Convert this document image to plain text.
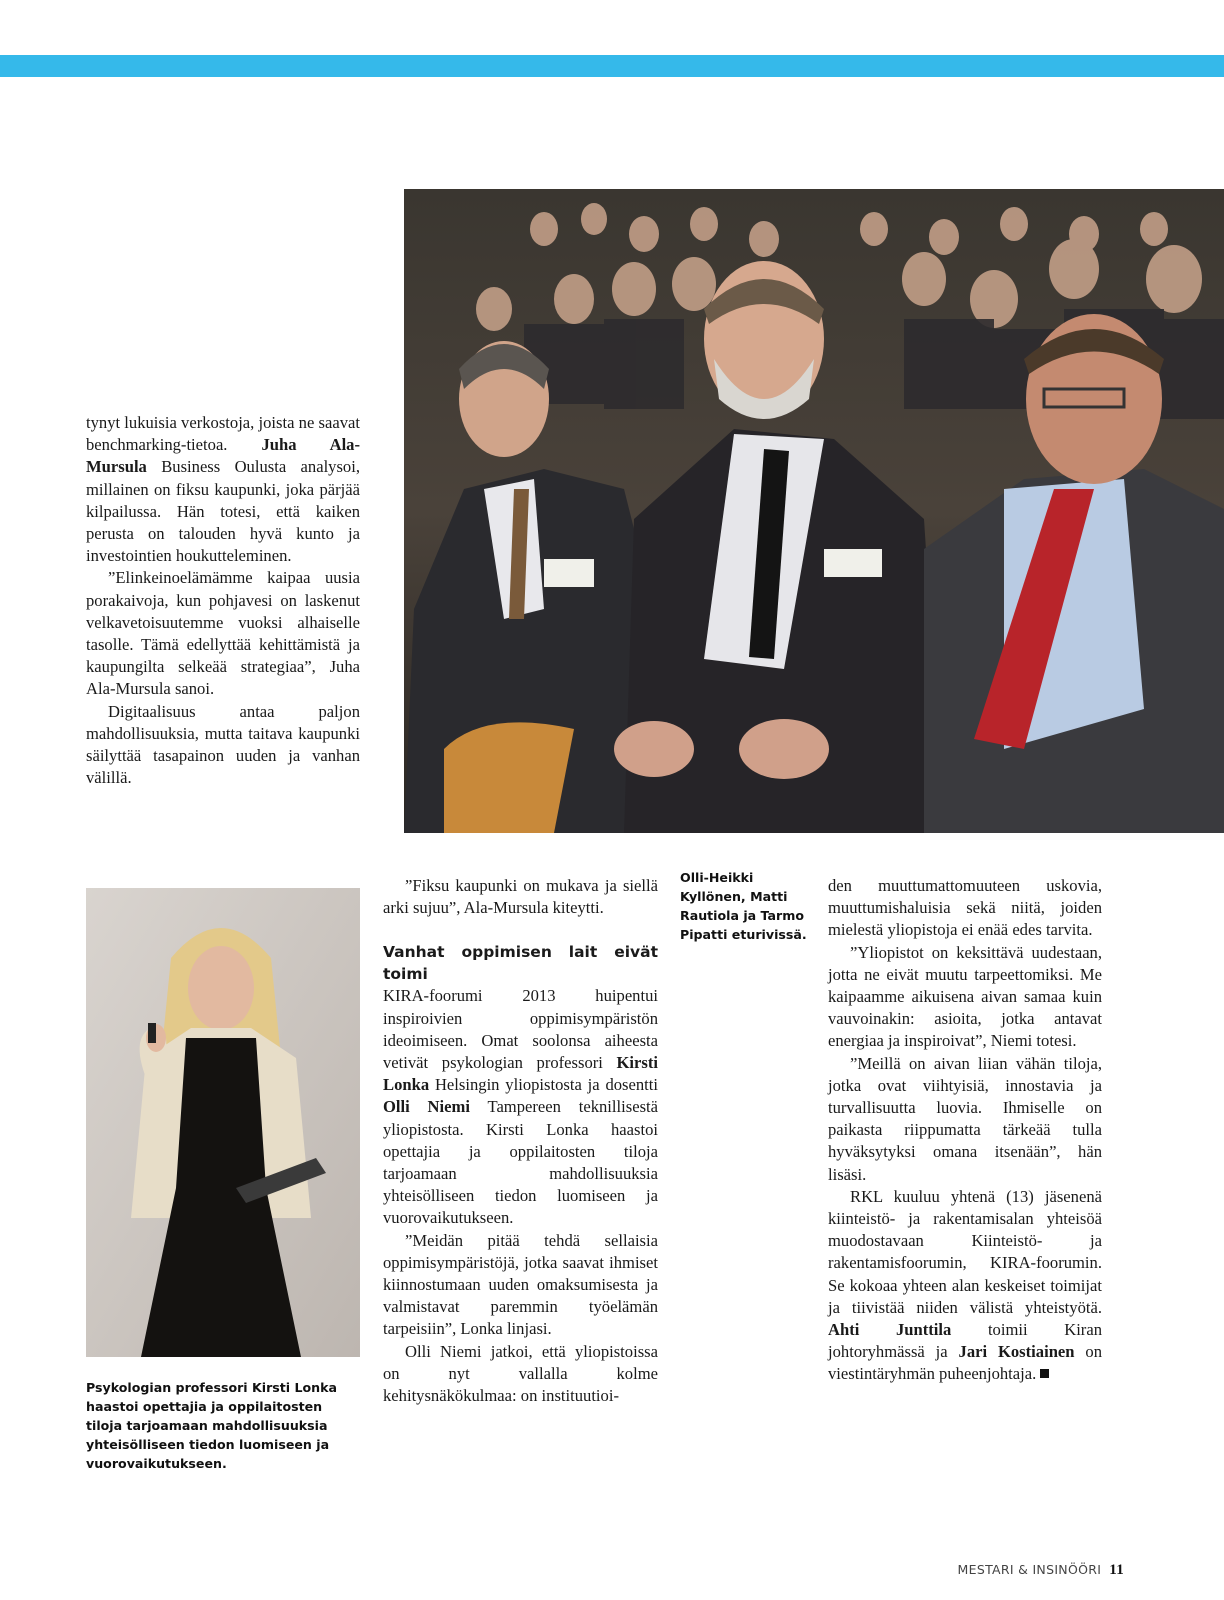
tynyt lukuisia verkostoja, joista ne saavat benchmarking-tietoa. Juha Ala-Mursula Business Oulusta analysoi, millainen on fiksu kaupunki, joka pärjää kilpailussa. Hän totesi, että kaiken perusta on talouden hyvä kunto ja investointien houkutteleminen.

”Elinkeinoelämämme kaipaa uusia porakaivoja, kun pohjavesi on laskenut velkavetoisuutemme vuoksi alhaiselle tasolle. Tämä edellyttää kehittämistä ja kaupungilta selkeää strategiaa”, Juha Ala-Mursula sanoi.

Digitaalisuus antaa paljon mahdollisuuksia, mutta taitava kaupunki säilyttää tasapainon uuden ja vanhan välillä.

Psykologian professori Kirsti Lonka haastoi opettajia ja oppilaitosten tiloja tarjoamaan mahdollisuuksia yhteisölliseen tiedon luomiseen ja vuorovaikutukseen.

”Fiksu kaupunki on mukava ja siellä arki sujuu”, Ala-Mursula kiteytti.

Vanhat oppimisen lait eivät toimi

KIRA-foorumi 2013 huipentui inspiroivien oppimisympäristön ideoimiseen. Omat soolonsa aiheesta vetivät psykologian professori Kirsti Lonka Helsingin yliopistosta ja dosentti Olli Niemi Tampereen teknillisestä yliopistosta. Kirsti Lonka haastoi opettajia ja oppilaitosten tiloja tarjoamaan mahdollisuuksia yhteisölliseen tiedon luomiseen ja vuorovaikutukseen.

”Meidän pitää tehdä sellaisia oppimisympäristöjä, jotka saavat ihmiset kiinnostumaan uuden omaksumisesta ja valmistavat paremmin työelämän tarpeisiin”, Lonka linjasi.

Olli Niemi jatkoi, että yliopistoissa on nyt vallalla kolme kehitysnäkökulmaa: on instituutioi-

Olli-Heikki Kyllönen, Matti Rautiola ja Tarmo Pipatti eturivissä.

den muuttumattomuuteen uskovia, muuttumishaluisia sekä niitä, joiden mielestä yliopistoja ei enää edes tarvita.

”Yliopistot on keksittävä uudestaan, jotta ne eivät muutu tarpeettomiksi. Me kaipaamme aikuisena aivan samaa kuin vauvoinakin: asioita, jotka antavat energiaa ja inspiroivat”, Niemi totesi.

”Meillä on aivan liian vähän tiloja, jotka ovat viihtyisiä, innostavia ja turvallisuutta luovia. Ihmiselle on paikasta riippumatta tärkeää tulla hyväksytyksi omana itsenään”, hän lisäsi.

RKL kuuluu yhtenä (13) jäsenenä kiinteistö- ja rakentamisalan yhteisöä muodostavaan Kiinteistö- ja rakentamisfoorumin, KIRA-foorumin. Se kokoaa yhteen alan keskeiset toimijat ja tiivistää niiden välistä yhteistyötä. Ahti Junttila toimii Kiran johtoryhmässä ja Jari Kostiainen on viestintäryhmän puheenjohtaja.

MESTARI & INSINÖÖRI 11
